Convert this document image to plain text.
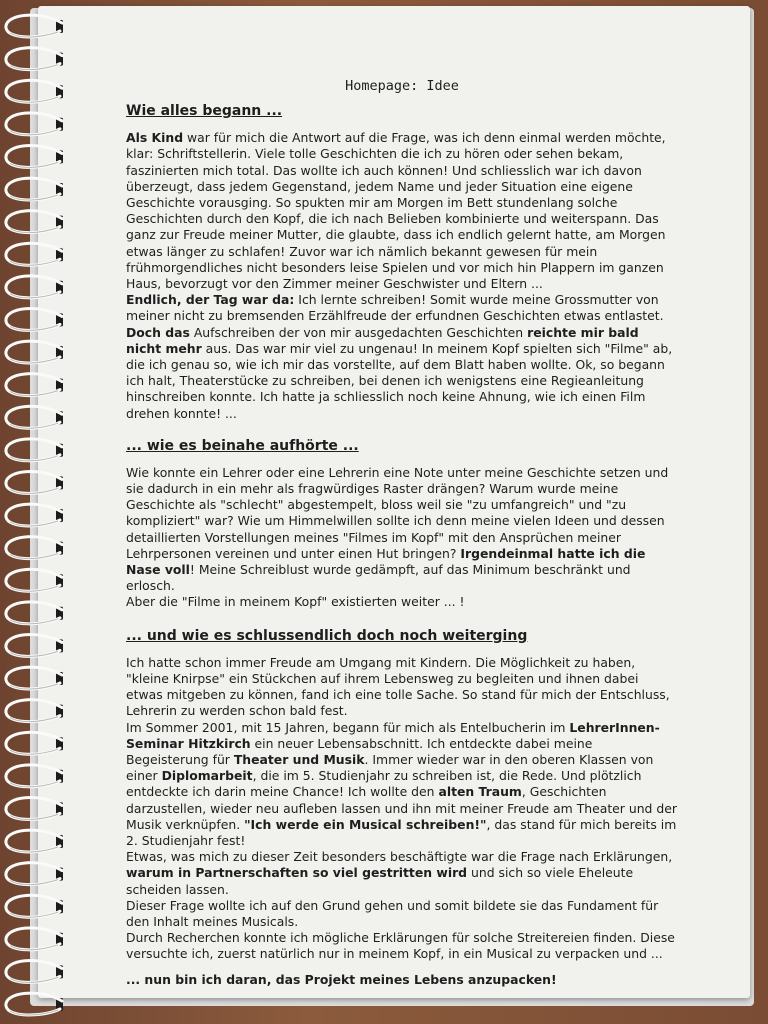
Homepage: Idee
Wie alles begann ...

Als Kind war für mich die Antwort auf die Frage, was ich denn einmal werden möchte, klar: Schriftstellerin. Viele tolle Geschichten die ich zu hören oder sehen bekam, faszinierten mich total. Das wollte ich auch können! Und schliesslich war ich davon überzeugt, dass jedem Gegenstand, jedem Name und jeder Situation eine eigene Geschichte vorausging. So spukten mir am Morgen im Bett stundenlang solche Geschichten durch den Kopf, die ich nach Belieben kombinierte und weiterspann. Das ganz zur Freude meiner Mutter, die glaubte, dass ich endlich gelernt hatte, am Morgen etwas länger zu schlafen! Zuvor war ich nämlich bekannt gewesen für mein frühmorgendliches nicht besonders leise Spielen und vor mich hin Plappern im ganzen Haus, bevorzugt vor den Zimmer meiner Geschwister und Eltern ...

Endlich, der Tag war da: Ich lernte schreiben! Somit wurde meine Grossmutter von meiner nicht zu bremsenden Erzählfreude der erfundnen Geschichten etwas entlastet.

Doch das Aufschreiben der von mir ausgedachten Geschichten reichte mir bald nicht mehr aus. Das war mir viel zu ungenau! In meinem Kopf spielten sich "Filme" ab, die ich genau so, wie ich mir das vorstellte, auf dem Blatt haben wollte. Ok, so begann ich halt, Theaterstücke zu schreiben, bei denen ich wenigstens eine Regieanleitung hinschreiben konnte. Ich hatte ja schliesslich noch keine Ahnung, wie ich einen Film drehen konnte! ...

... wie es beinahe aufhörte ...

Wie konnte ein Lehrer oder eine Lehrerin eine Note unter meine Geschichte setzen und sie dadurch in ein mehr als fragwürdiges Raster drängen? Warum wurde meine Geschichte als "schlecht" abgestempelt, bloss weil sie "zu umfangreich" und "zu kompliziert" war? Wie um Himmelwillen sollte ich denn meine vielen Ideen und dessen detaillierten Vorstellungen meines "Filmes im Kopf" mit den Ansprüchen meiner Lehrpersonen vereinen und unter einen Hut bringen? Irgendeinmal hatte ich die Nase voll! Meine Schreiblust wurde gedämpft, auf das Minimum beschränkt und erlosch.

Aber die "Filme in meinem Kopf" existierten weiter ... !

... und wie es schlussendlich doch noch weiterging

Ich hatte schon immer Freude am Umgang mit Kindern. Die Möglichkeit zu haben, "kleine Knirpse" ein Stückchen auf ihrem Lebensweg zu begleiten und ihnen dabei etwas mitgeben zu können, fand ich eine tolle Sache. So stand für mich der Entschluss, Lehrerin zu werden schon bald fest.

Im Sommer 2001, mit 15 Jahren, begann für mich als Entelbucherin im LehrerInnen-Seminar Hitzkirch ein neuer Lebensabschnitt. Ich entdeckte dabei meine Begeisterung für Theater und Musik. Immer wieder war in den oberen Klassen von einer Diplomarbeit, die im 5. Studienjahr zu schreiben ist, die Rede. Und plötzlich entdeckte ich darin meine Chance! Ich wollte den alten Traum, Geschichten darzustellen, wieder neu aufleben lassen und ihn mit meiner Freude am Theater und der Musik verknüpfen. "Ich werde ein Musical schreiben!", das stand für mich bereits im 2. Studienjahr fest!

Etwas, was mich zu dieser Zeit besonders beschäftigte war die Frage nach Erklärungen, warum in Partnerschaften so viel gestritten wird und sich so viele Eheleute scheiden lassen.

Dieser Frage wollte ich auf den Grund gehen und somit bildete sie das Fundament für den Inhalt meines Musicals.

Durch Recherchen konnte ich mögliche Erklärungen für solche Streitereien finden. Diese versuchte ich, zuerst natürlich nur in meinem Kopf, in ein Musical zu verpacken und ...

... nun bin ich daran, das Projekt meines Lebens anzupacken!
